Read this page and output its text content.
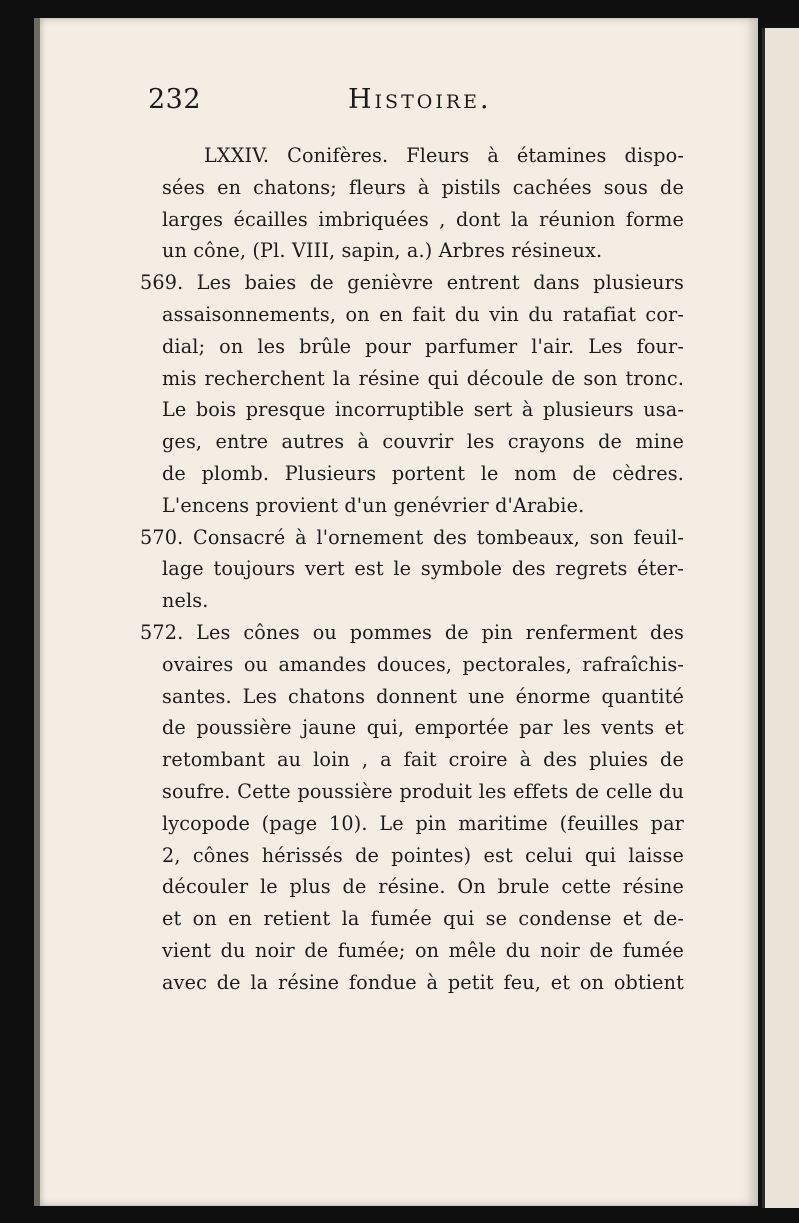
232	Histoire.
LXXIV. Conifères. Fleurs à étamines dispo-
sées en chatons; fleurs à pistils cachées sous de
larges écailles imbriquées , dont la réunion forme
un cône, (Pl. VIII, sapin, a.) Arbres résineux.
569. Les baies de genièvre entrent dans plusieurs
assaisonnements, on en fait du vin du ratafiat cor-
dial; on les brûle pour parfumer l'air. Les four-
mis recherchent la résine qui découle de son tronc.
Le bois presque incorruptible sert à plusieurs usa-
ges, entre autres à couvrir les crayons de mine
de plomb. Plusieurs portent le nom de cèdres.
L'encens provient d'un genévrier d'Arabie.
570. Consacré à l'ornement des tombeaux, son feuil-
lage toujours vert est le symbole des regrets éter-
nels.
572. Les cônes ou pommes de pin renferment des
ovaires ou amandes douces, pectorales, rafraîchis-
santes. Les chatons donnent une énorme quantité
de poussière jaune qui, emportée par les vents et
retombant au loin , a fait croire à des pluies de
soufre. Cette poussière produit les effets de celle du
lycopode (page 10). Le pin maritime (feuilles par
2, cônes hérissés de pointes) est celui qui laisse
découler le plus de résine. On brule cette résine
et on en retient la fumée qui se condense et de-
vient du noir de fumée; on mêle du noir de fumée
avec de la résine fondue à petit feu, et on obtient
